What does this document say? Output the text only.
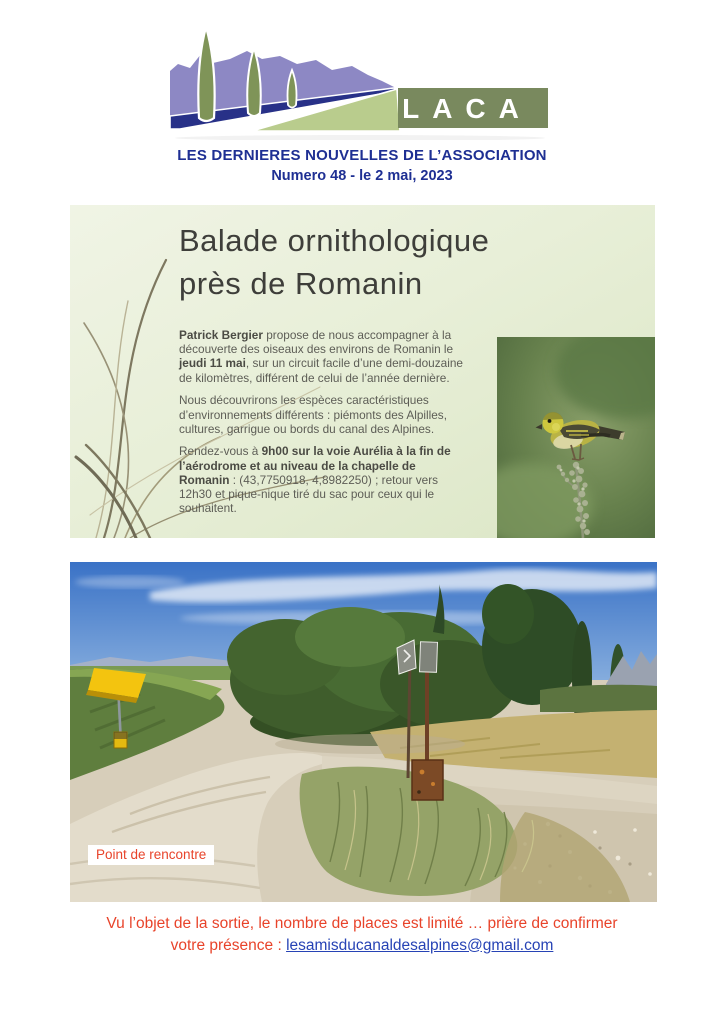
LACA
LES DERNIERES NOUVELLES DE L’ASSOCIATION
Numero 48 - le 2 mai, 2023
Balade ornithologique
près de Romanin

Patrick Bergier propose de nous accompagner à la découverte des oiseaux des environs de Romanin le jeudi 11 mai, sur un circuit facile d’une demi-douzaine de kilomètres, différent de celui de l’année dernière.

Nous découvrirons les espèces caractéristiques d’environnements différents : piémonts des Alpilles, cultures, garrigue ou bords du canal des Alpines.

Rendez-vous à 9h00 sur la voie Aurélia à la fin de l’aérodrome et au niveau de la chapelle de Romanin : (43,7750918, 4,8982250) ; retour vers 12h30 et pique-nique tiré du sac pour ceux qui le souhaitent.

Point de rencontre
Vu l’objet de la sortie, le nombre de places est limité … prière de confirmer
votre présence : lesamisducanaldesalpines@gmail.com
